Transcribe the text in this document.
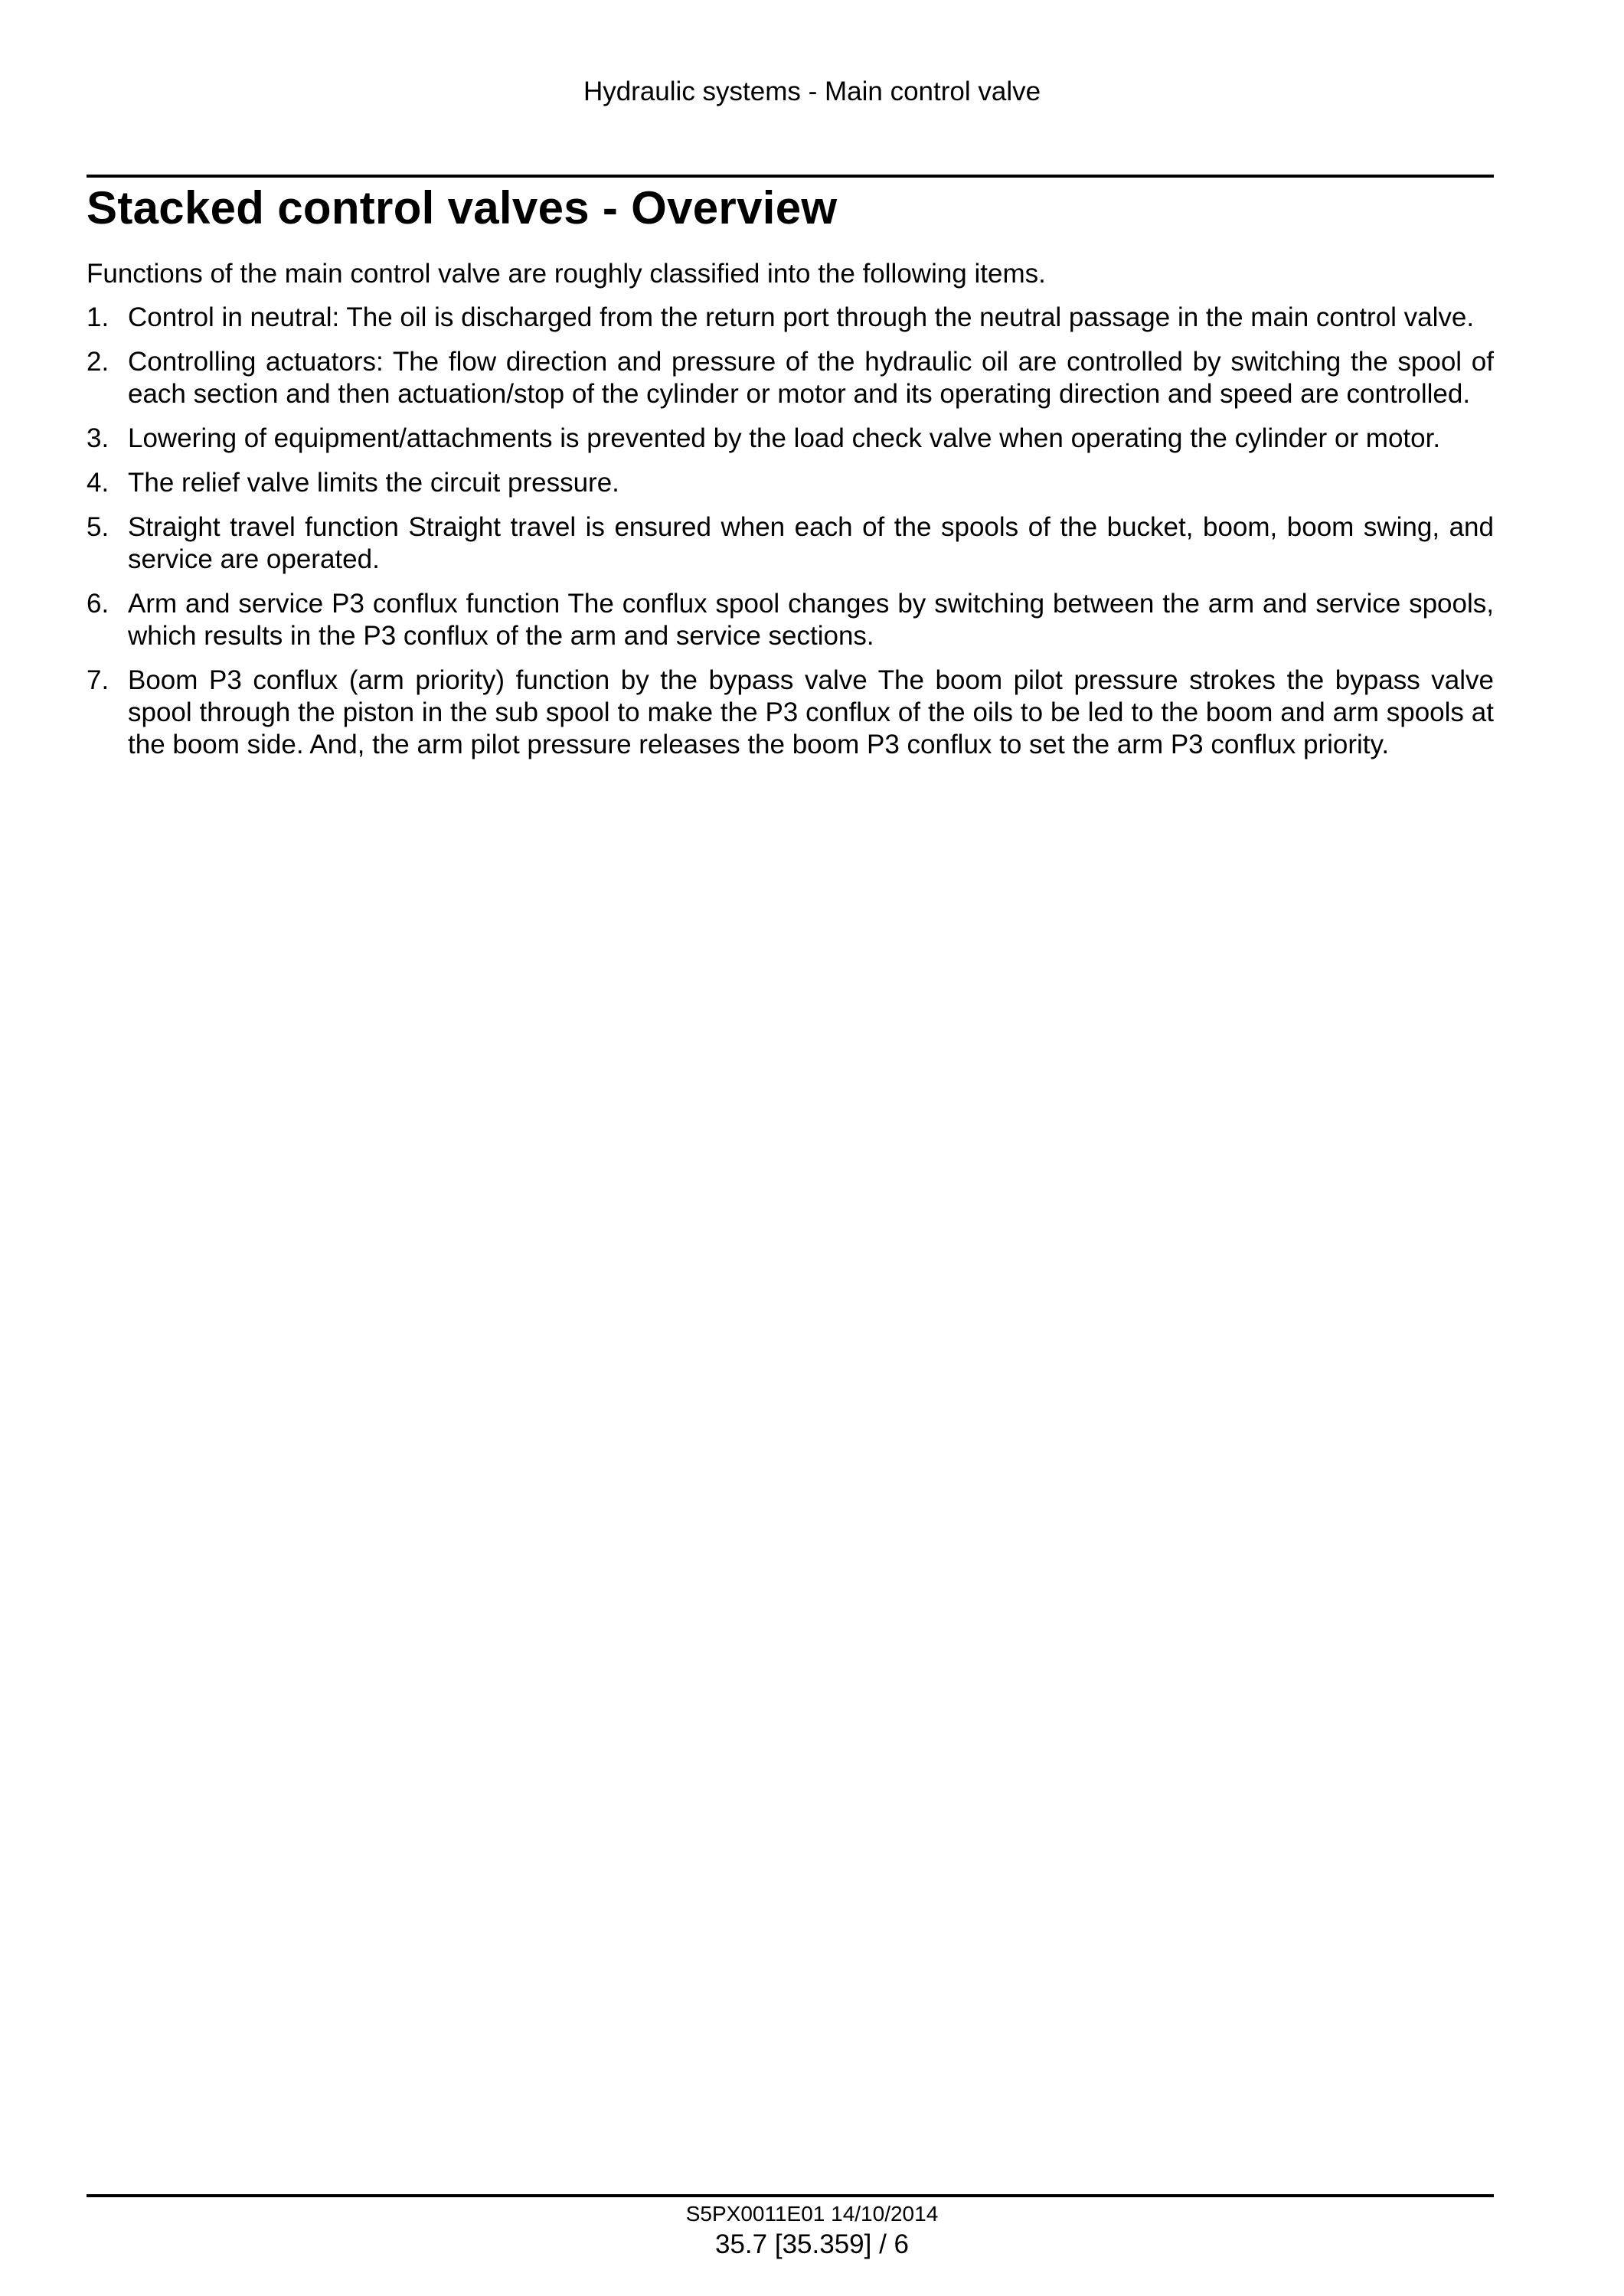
Hydraulic systems - Main control valve
Stacked control valves - Overview

Functions of the main control valve are roughly classified into the following items.

1. Control in neutral: The oil is discharged from the return port through the neutral passage in the main control valve.
2. Controlling actuators: The flow direction and pressure of the hydraulic oil are controlled by switching the spool of each section and then actuation/stop of the cylinder or motor and its operating direction and speed are controlled.
3. Lowering of equipment/attachments is prevented by the load check valve when operating the cylinder or motor.
4. The relief valve limits the circuit pressure.
5. Straight travel function Straight travel is ensured when each of the spools of the bucket, boom, boom swing, and service are operated.
6. Arm and service P3 conflux function The conflux spool changes by switching between the arm and service spools, which results in the P3 conflux of the arm and service sections.
7. Boom P3 conflux (arm priority) function by the bypass valve The boom pilot pressure strokes the bypass valve spool through the piston in the sub spool to make the P3 conflux of the oils to be led to the boom and arm spools at the boom side. And, the arm pilot pressure releases the boom P3 conflux to set the arm P3 conflux priority.
S5PX0011E01 14/10/2014
35.7 [35.359] / 6
